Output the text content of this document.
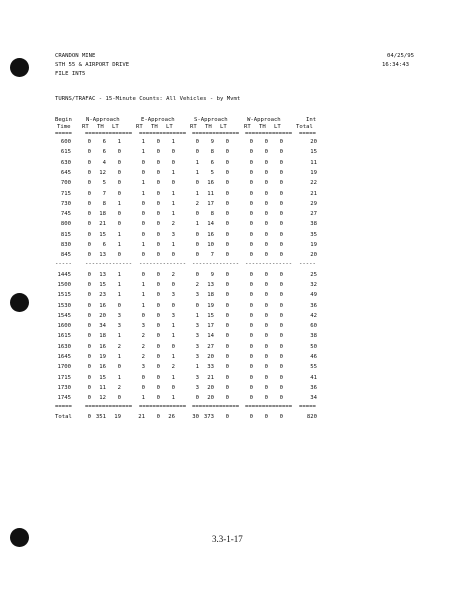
CRANDON MINE
STH 55 & AIRPORT DRIVE
FILE INT5
04/25/95
16:34:43
TURNS/TRAFAC - 15-Minute Counts: All Vehicles - by Mvmt
Begin
Time
N-Approach	E-Approach	S-Approach	W-Approach	Int
Total
RT TH LT	RT TH LT	RT TH LT	RT TH LT
===== ============== ============== ============== ============== =====
600	0 6 1	1 0 1	0 9 0	0 0 0	20
615	0 6 0	1 0 0	0 8 0	0 0 0	15
630	0 4 0	0 0 0	1 6 0	0 0 0	11
645	0 12 0	0 0 1	1 5 0	0 0 0	19
700	0 5 0	1 0 0	0 16 0	0 0 0	22
715	0 7 0	1 0 1	1 11 0	0 0 0	21
730	0 8 1	0 0 1	2 17 0	0 0 0	29
745	0 18 0	0 0 1	0 8 0	0 0 0	27
800	0 21 0	0 0 2	1 14 0	0 0 0	38
815	0 15 1	0 0 3	0 16 0	0 0 0	35
830	0 6 1	1 0 1	0 10 0	0 0 0	19
845	0 13 0	0 0 0	0 7 0	0 0 0	20
----- -------------- -------------- -------------- -------------- -----
1445	0 13 1	0 0 2	0 9 0	0 0 0	25
1500	0 15 1	1 0 0	2 13 0	0 0 0	32
1515	0 23 1	1 0 3	3 18 0	0 0 0	49
1530	0 16 0	1 0 0	0 19 0	0 0 0	36
1545	0 20 3	0 0 3	1 15 0	0 0 0	42
1600	0 34 3	3 0 1	3 17 0	0 0 0	60
1615	0 18 1	2 0 1	3 14 0	0 0 0	38
1630	0 16 2	2 0 0	3 27 0	0 0 0	50
1645	0 19 1	2 0 1	3 20 0	0 0 0	46
1700	0 16 0	3 0 2	1 33 0	0 0 0	55
1715	0 15 1	0 0 1	3 21 0	0 0 0	41
1730	0 11 2	0 0 0	3 20 0	0 0 0	36
1745	0 12 0	1 0 1	0 20 0	0 0 0	34
===== ============== ============== ============== ============== =====
Total	0 351 19	21 0 26	30 373 0	0 0 0	820
3.3-1-17
